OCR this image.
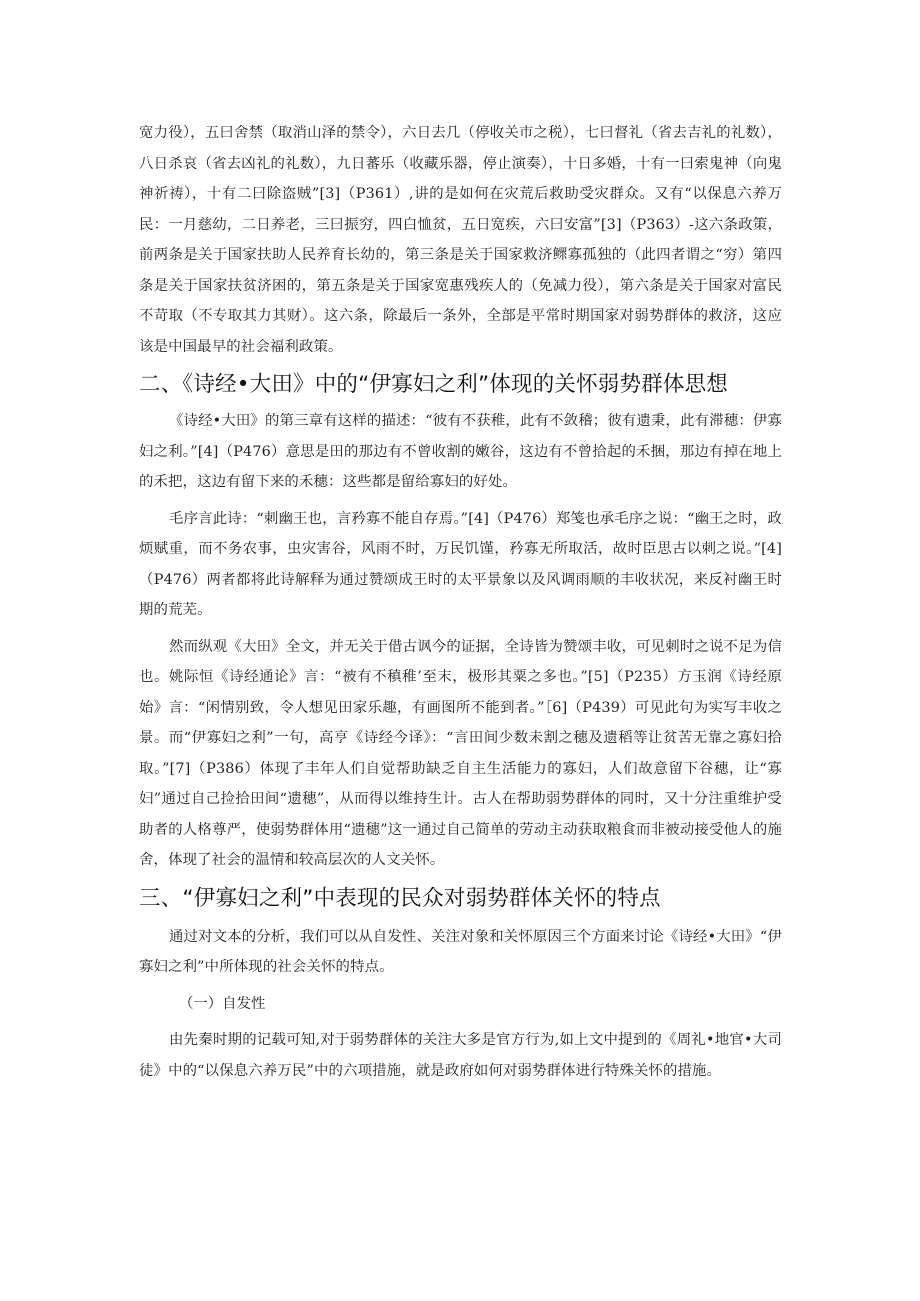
宽力役），五曰舍禁（取消山泽的禁令），六日去几（停收关市之税），七曰督礼（省去吉礼的礼数），八日杀哀（省去凶礼的礼数），九日蕃乐（收藏乐器，停止演奏），十日多婚，十有一曰索鬼神（向鬼神祈祷），十有二曰除盗贼”[3]（P361）,讲的是如何在灾荒后救助受灾群众。又有“以保息六养万民：一月慈幼，二日养老，三曰振穷，四白恤贫，五日宽疾，六曰安富”[3]（P363）-这六条政策，前两条是关于国家扶助人民养育长幼的，第三条是关于国家救济鳏寡孤独的（此四者谓之“穷）第四条是关于国家扶贫济困的，第五条是关于国家宽惠残疾人的（免减力役），第六条是关于国家对富民不苛取（不专取其力其财）。这六条，除最后一条外，全部是平常时期国家对弱势群体的救济，这应该是中国最早的社会福利政策。

二、《诗经•大田》中的“伊寡妇之利”体现的关怀弱势群体思想

《诗经•大田》的第三章有这样的描述：“彼有不获稚，此有不敛稽；彼有遗秉，此有滞穗：伊寡妇之利。”[4]（P476）意思是田的那边有不曾收割的嫩谷，这边有不曾拾起的禾捆，那边有掉在地上的禾把，这边有留下来的禾穗：这些都是留给寡妇的好处。

毛序言此诗：“刺幽王也，言矜寡不能自存焉。”[4]（P476）郑笺也承毛序之说：“幽王之时，政烦赋重，而不务农事，虫灾害谷，风雨不时，万民饥馑，矜寡无所取活，故时臣思古以刺之说。”[4]（P476）两者都将此诗解释为通过赞颂成王时的太平景象以及风调雨顺的丰收状况，来反衬幽王时期的荒芜。

然而纵观《大田》全文，并无关于借古讽今的证据，全诗皆为赞颂丰收，可见刺时之说不足为信也。姚际恒《诗经通论》言：“被有不稹稚’至末，极形其粟之多也。”[5]（P235）方玉润《诗经原始》言：“闲情别致，令人想见田家乐趣，有画图所不能到者。”［6]（P439）可见此句为实写丰收之景。而“伊寡妇之利”一句，高亨《诗经今译》：“言田间少数未割之穗及遗稻等让贫苦无靠之寡妇拾取。”[7]（P386）体现了丰年人们自觉帮助缺乏自主生活能力的寡妇，人们故意留下谷穗，让“寡妇”通过自己捡拾田间“遗穗”，从而得以维持生计。古人在帮助弱势群体的同时，又十分注重维护受助者的人格尊严，使弱势群体用“遗穗”这一通过自己简单的劳动主动获取粮食而非被动接受他人的施舍，体现了社会的温情和较高层次的人文关怀。

三、“伊寡妇之利”中表现的民众对弱势群体关怀的特点

通过对文本的分析，我们可以从自发性、关注对象和关怀原因三个方面来讨论《诗经•大田》“伊寡妇之利”中所体现的社会关怀的特点。

（一）自发性

由先秦时期的记载可知,对于弱势群体的关注大多是官方行为,如上文中提到的《周礼•地官•大司徒》中的“以保息六养万民”中的六项措施，就是政府如何对弱势群体进行特殊关怀的措施。
